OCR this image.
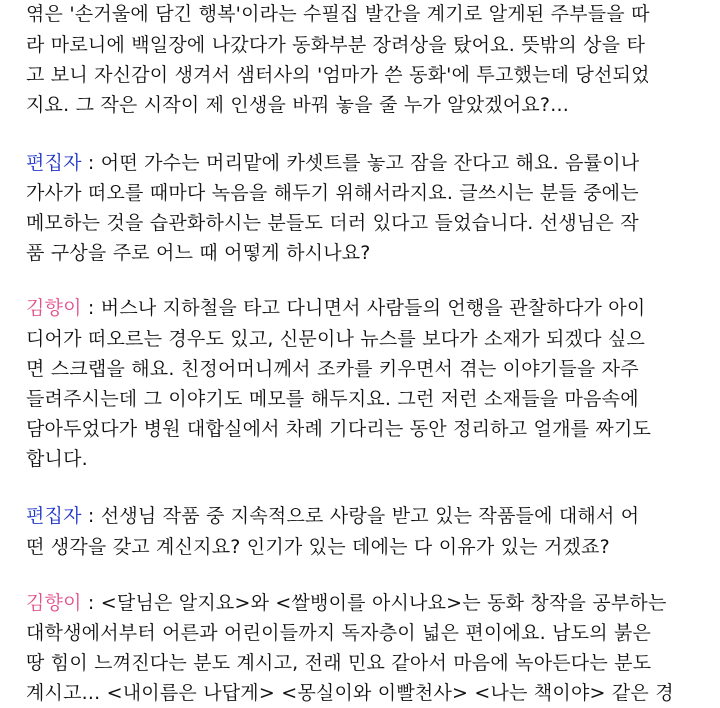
엮은 '손거울에 담긴 행복'이라는 수필집 발간을 계기로 알게된 주부들을 따
라 마로니에 백일장에 나갔다가 동화부분 장려상을 탔어요. 뜻밖의 상을 타
고 보니 자신감이 생겨서 샘터사의 '엄마가 쓴 동화'에 투고했는데 당선되었
지요. 그 작은 시작이 제 인생을 바꿔 놓을 줄 누가 알았겠어요?...
편집자 : 어떤 가수는 머리맡에 카셋트를 놓고 잠을 잔다고 해요. 음률이나
가사가 떠오를 때마다 녹음을 해두기 위해서라지요. 글쓰시는 분들 중에는
메모하는 것을 습관화하시는 분들도 더러 있다고 들었습니다. 선생님은 작
품 구상을 주로 어느 때 어떻게 하시나요?
김향이 : 버스나 지하철을 타고 다니면서 사람들의 언행을 관찰하다가 아이
디어가 떠오르는 경우도 있고, 신문이나 뉴스를 보다가 소재가 되겠다 싶으
면 스크랩을 해요. 친정어머니께서 조카를 키우면서 겪는 이야기들을 자주
들려주시는데 그 이야기도 메모를 해두지요. 그런 저런 소재들을 마음속에
담아두었다가 병원 대합실에서 차례 기다리는 동안 정리하고 얼개를 짜기도
합니다.
편집자 : 선생님 작품 중 지속적으로 사랑을 받고 있는 작품들에 대해서 어
떤 생각을 갖고 계신지요? 인기가 있는 데에는 다 이유가 있는 거겠죠?
김향이 : <달님은 알지요>와 <쌀뱅이를 아시나요>는 동화 창작을 공부하는
대학생에서부터 어른과 어린이들까지 독자층이 넓은 편이에요. 남도의 붉은
땅 힘이 느껴진다는 분도 계시고, 전래 민요 같아서 마음에 녹아든다는 분도
계시고... <내이름은 나답게> <몽실이와 이빨천사> <나는 책이야> 같은 경
